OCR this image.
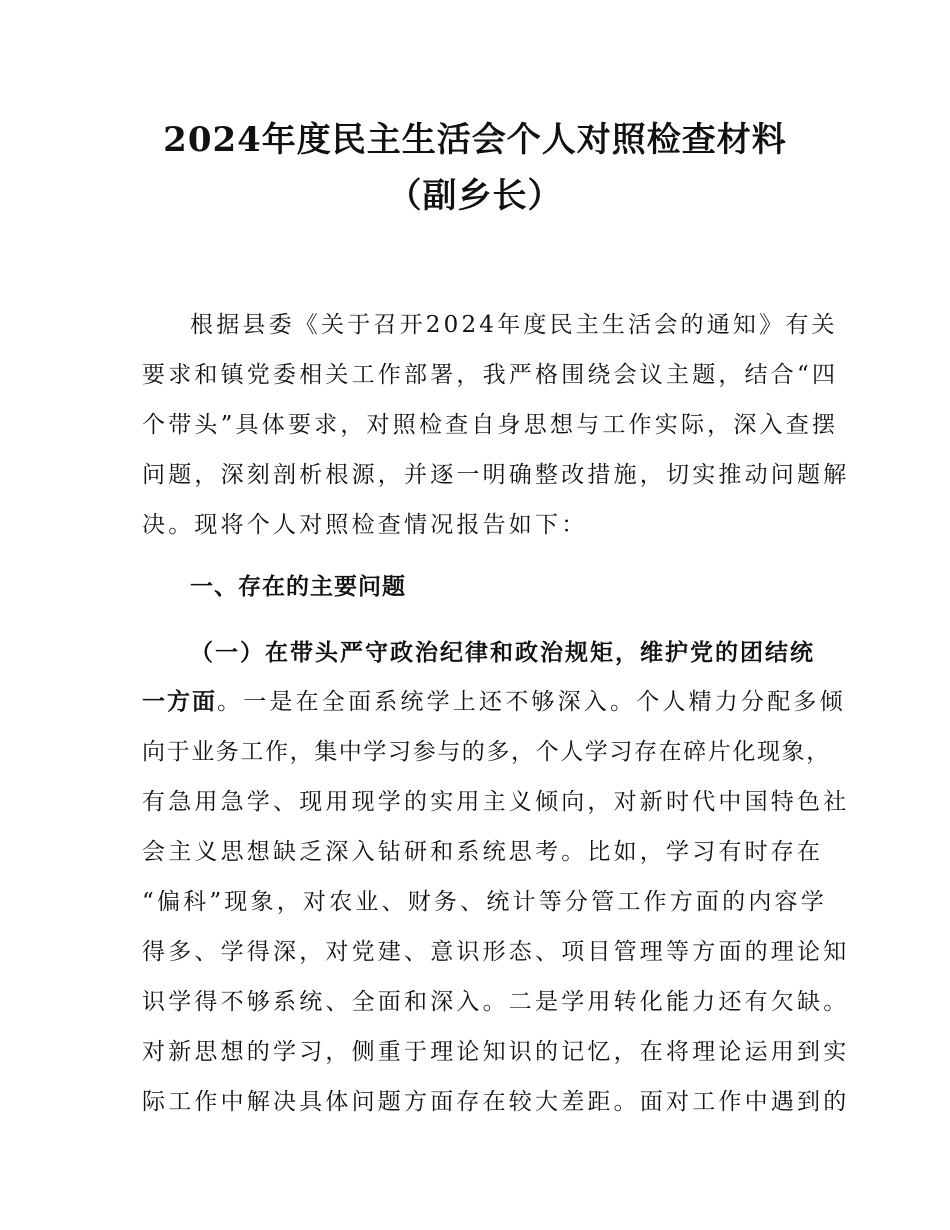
2024年度民主生活会个人对照检查材料（副乡长）
根据县委《关于召开2024年度民主生活会的通知》有关
要求和镇党委相关工作部署，我严格围绕会议主题，结合“四
个带头”具体要求，对照检查自身思想与工作实际，深入查摆
问题，深刻剖析根源，并逐一明确整改措施，切实推动问题解
决。现将个人对照检查情况报告如下：
一、存在的主要问题
（一）在带头严守政治纪律和政治规矩，维护党的团结统
一方面。一是在全面系统学上还不够深入。个人精力分配多倾
向于业务工作，集中学习参与的多，个人学习存在碎片化现象，
有急用急学、现用现学的实用主义倾向，对新时代中国特色社
会主义思想缺乏深入钻研和系统思考。比如，学习有时存在
“偏科”现象，对农业、财务、统计等分管工作方面的内容学
得多、学得深，对党建、意识形态、项目管理等方面的理论知
识学得不够系统、全面和深入。二是学用转化能力还有欠缺。
对新思想的学习，侧重于理论知识的记忆，在将理论运用到实
际工作中解决具体问题方面存在较大差距。面对工作中遇到的
